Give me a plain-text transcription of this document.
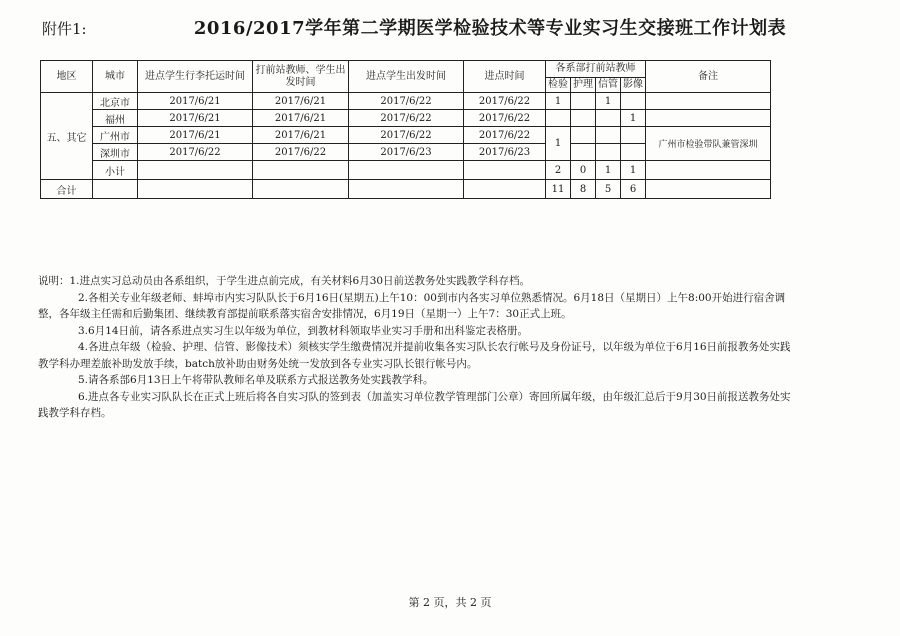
附件1:	2016/2017学年第二学期医学检验技术等专业实习生交接班工作计划表
地区	城市	进点学生行李托运时间	打前站教师、学生出发时间	进点学生出发时间	进点时间	各系部打前站教师				备注
						检验	护理	信管	影像	
五、其它	北京市	2017/6/21	2017/6/21	2017/6/22	2017/6/22	1		1		
	福州	2017/6/21	2017/6/21	2017/6/22	2017/6/22				1	
	广州市	2017/6/21	2017/6/21	2017/6/22	2017/6/22	1				广州市检验带队兼管深圳
	深圳市	2017/6/22	2017/6/22	2017/6/23	2017/6/23					
	小计					2	0	1	1	
合计						11	8	5	6	

说明：1.进点实习总动员由各系组织，于学生进点前完成，有关材料6月30日前送教务处实践教学科存档。

2.各相关专业年级老师、蚌埠市内实习队队长于6月16日(星期五)上午10：00到市内各实习单位熟悉情况。6月18日（星期日）上午8:00开始进行宿舍调整，各年级主任需和后勤集团、继续教育部提前联系落实宿舍安排情况，6月19日（星期一）上午7：30正式上班。

3.6月14日前，请各系进点实习生以年级为单位，到教材科领取毕业实习手册和出科鉴定表格册。

4.各进点年级（检验、护理、信管、影像技术）须核实学生缴费情况并提前收集各实习队长农行帐号及身份证号，以年级为单位于6月16日前报教务处实践教学科办理差旅补助发放手续，batch放补助由财务处统一发放到各专业实习队长银行帐号内。

5.请各系部6月13日上午将带队教师名单及联系方式报送教务处实践教学科。

6.进点各专业实习队队长在正式上班后将各自实习队的签到表（加盖实习单位教学管理部门公章）寄回所属年级，由年级汇总后于9月30日前报送教务处实践教学科存档。

第 2 页，共 2 页
